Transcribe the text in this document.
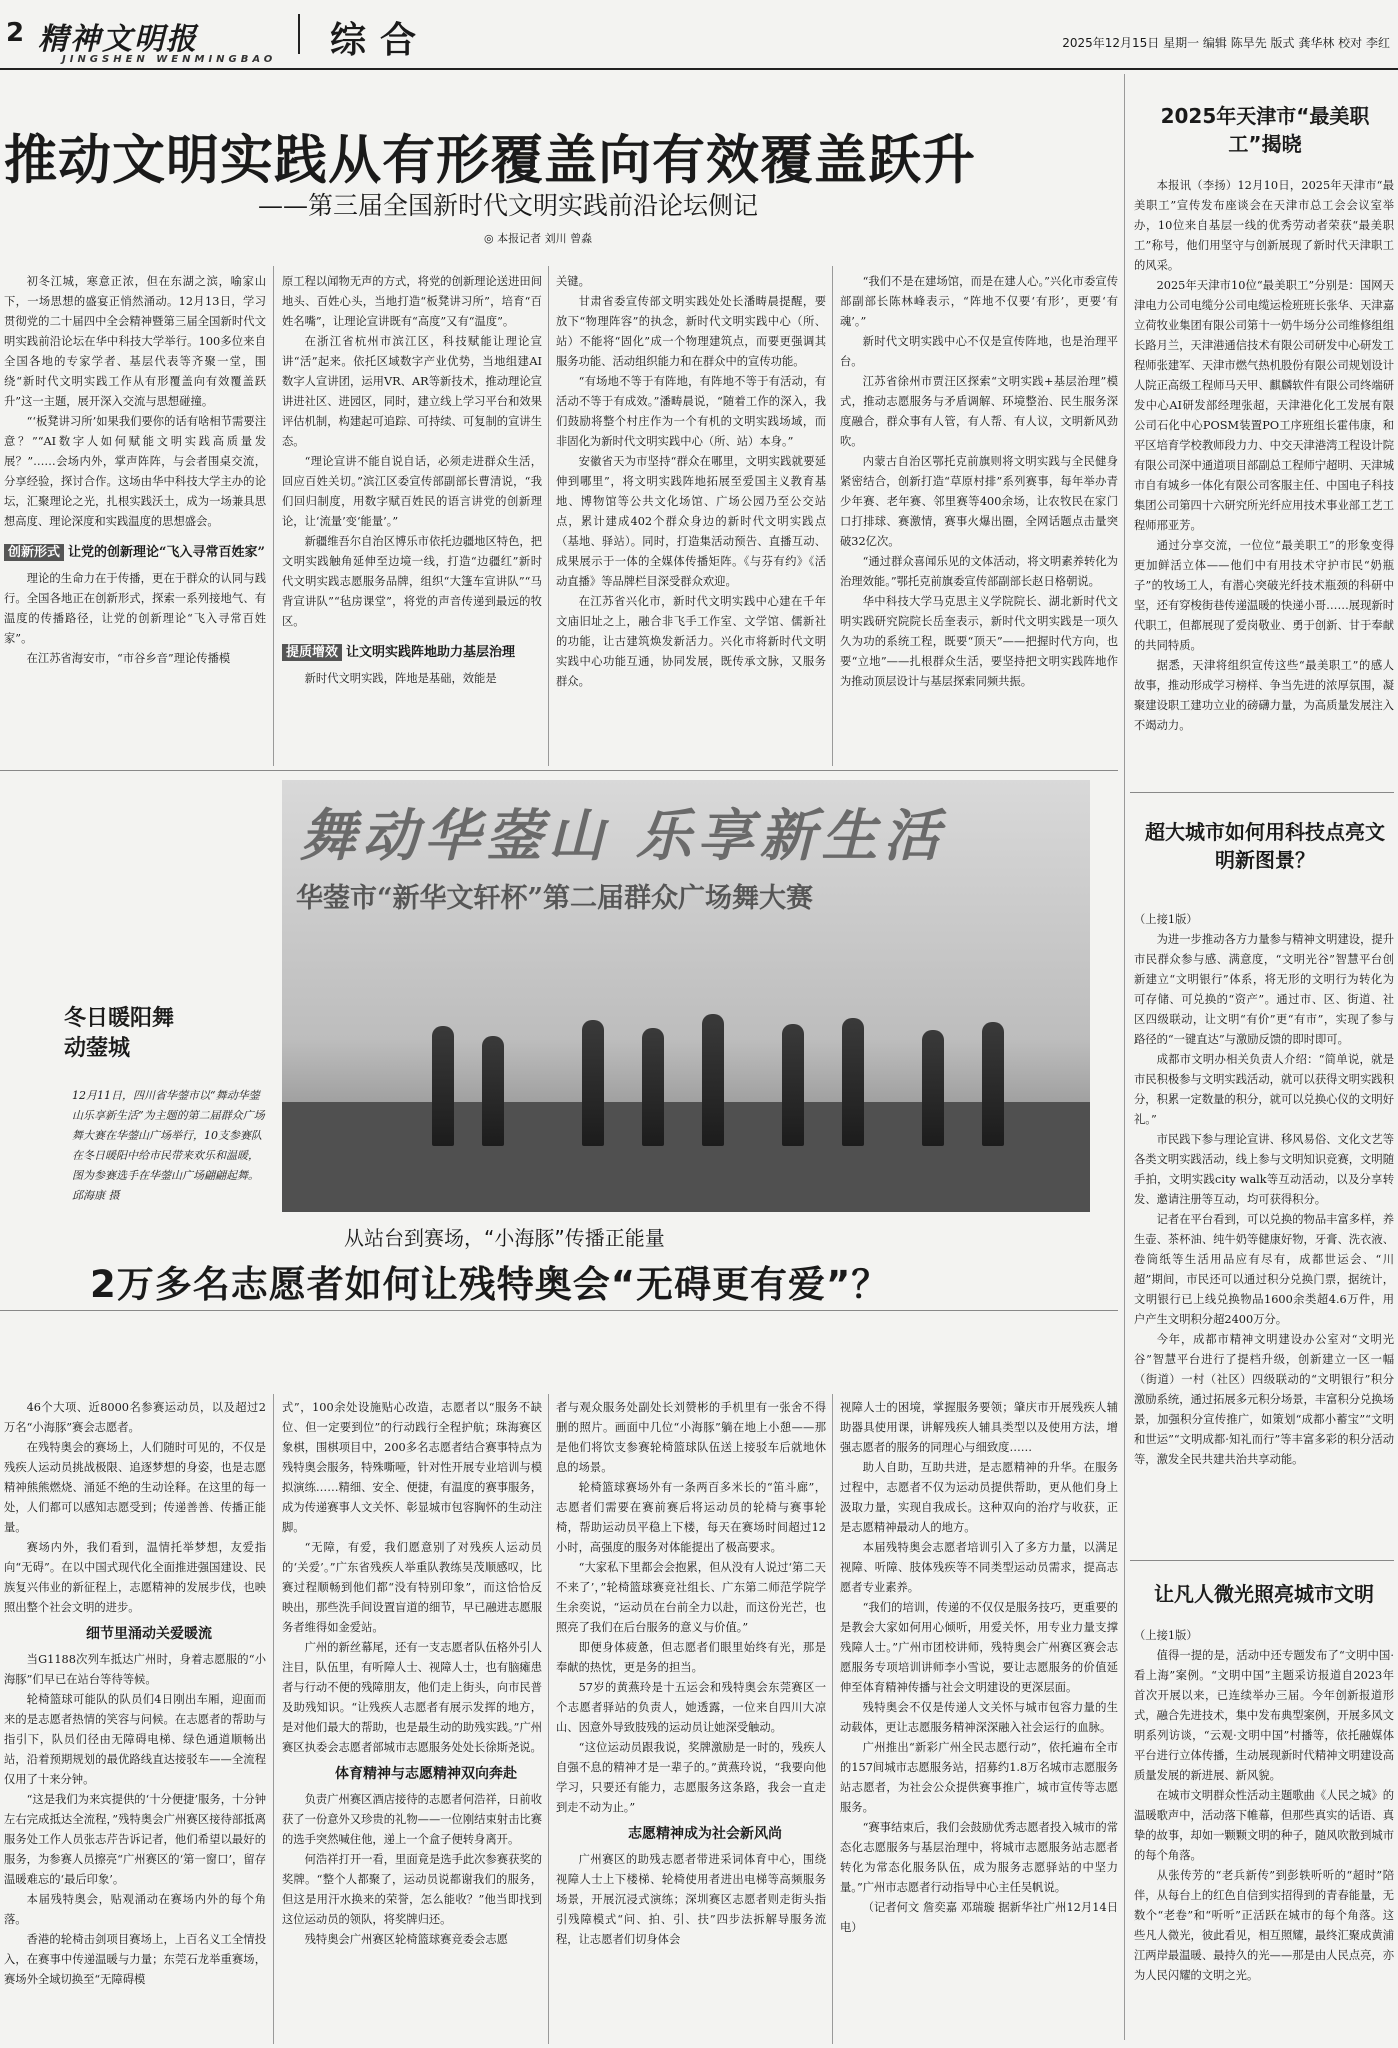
2 精神文明报
JINGSHEN WENMINGBAO 综合	2025年12月15日 星期一 编辑 陈旱先 版式 龚华林 校对 李红
推动文明实践从有形覆盖向有效覆盖跃升
——第三届全国新时代文明实践前沿论坛侧记
◎ 本报记者 刘川 曾淼

初冬江城，寒意正浓，但在东湖之滨，喻家山下，一场思想的盛宴正悄然涌动。12月13日，学习贯彻党的二十届四中全会精神暨第三届全国新时代文明实践前沿论坛在华中科技大学举行。100多位来自全国各地的专家学者、基层代表等齐聚一堂，围绕“新时代文明实践工作从有形覆盖向有效覆盖跃升”这一主题，展开深入交流与思想碰撞。

“‘板凳讲习所’如果我们要你的话有啥相节需要注意？”“AI数字人如何赋能文明实践高质量发展？”……会场内外，掌声阵阵，与会者围桌交流，分享经验，探讨合作。这场由华中科技大学主办的论坛，汇聚理论之光，扎根实践沃土，成为一场兼具思想高度、理论深度和实践温度的思想盛会。

创新形式 让党的创新理论“飞入寻常百姓家”

理论的生命力在于传播，更在于群众的认同与践行。全国各地正在创新形式，探索一系列接地气、有温度的传播路径，让党的创新理论“飞入寻常百姓家”。

在江苏省海安市，“市谷乡音”理论传播模

原工程以闻物无声的方式，将党的创新理论送进田间地头、百姓心头，当地打造“板凳讲习所”，培育“百姓名嘴”，让理论宣讲既有“高度”又有“温度”。

在浙江省杭州市滨江区，科技赋能让理论宣讲“活”起来。依托区域数字产业优势，当地组建AI数字人宣讲团，运用VR、AR等新技术，推动理论宣讲进社区、进园区，同时，建立线上学习平台和效果评估机制，构建起可追踪、可持续、可复制的宣讲生态。

“理论宣讲不能自说自话，必须走进群众生活，回应百姓关切。”滨江区委宣传部副部长曹清说，“我们回归制度，用数字赋百姓民的语言讲党的创新理论，让‘流量’变‘能量’。”

新疆维吾尔自治区博乐市依托边疆地区特色，把文明实践触角延伸至边境一线，打造“边疆红”新时代文明实践志愿服务品牌，组织“大篷车宣讲队”“马背宣讲队”“毡房课堂”，将党的声音传递到最远的牧区。

提质增效 让文明实践阵地助力基层治理

新时代文明实践，阵地是基础，效能是

关键。

甘肃省委宣传部文明实践处处长潘畴晨提醒，要放下“物理阵容”的执念，新时代文明实践中心（所、站）不能将“固化”成一个物理建筑点，而要更强调其服务功能、活动组织能力和在群众中的宣传功能。

“有场地不等于有阵地，有阵地不等于有活动，有活动不等于有成效。”潘畴晨说，“随着工作的深入，我们鼓励将整个村庄作为一个有机的文明实践场域，而非固化为新时代文明实践中心（所、站）本身。”

安徽省天为市坚持“群众在哪里，文明实践就要延伸到哪里”，将文明实践阵地拓展至爱国主义教育基地、博物馆等公共文化场馆、广场公园乃至公交站点，累计建成402个群众身边的新时代文明实践点（基地、驿站）。同时，打造集活动预告、直播互动、成果展示于一体的全媒体传播矩阵。《与芬有约》《活动直播》等品牌栏目深受群众欢迎。

在江苏省兴化市，新时代文明实践中心建在千年文庙旧址之上，融合非飞手工作室、文学馆、儒新社的功能，让古建筑焕发新活力。兴化市将新时代文明实践中心功能互通，协同发展，既传承文脉，又服务群众。

“我们不是在建场馆，而是在建人心。”兴化市委宣传部副部长陈林峰表示，“阵地不仅要‘有形’，更要‘有魂’。”

新时代文明实践中心不仅是宣传阵地，也是治理平台。

江苏省徐州市贾汪区探索“文明实践+基层治理”模式，推动志愿服务与矛盾调解、环境整治、民生服务深度融合，群众事有人管，有人帮、有人议，文明新风劲吹。

内蒙古自治区鄂托克前旗则将文明实践与全民健身紧密结合，创新打造“草原村排”系列赛事，每年举办青少年赛、老年赛、邻里赛等400余场，让农牧民在家门口打排球、赛激情，赛事火爆出圈，全网话题点击量突破32亿次。

“通过群众喜闻乐见的文体活动，将文明素养转化为治理效能。”鄂托克前旗委宣传部副部长赵日格朝说。

华中科技大学马克思主义学院院长、湖北新时代文明实践研究院院长岳奎表示，新时代文明实践是一项久久为功的系统工程，既要“顶天”——把握时代方向，也要“立地”——扎根群众生活，要坚持把文明实践阵地作为推动顶层设计与基层探索同频共振。

舞动华蓥山 乐享新生活
华蓥市“新华文轩杯”第二届群众广场舞大赛
冬日暖阳舞动蓥城
12月11日，四川省华蓥市以“舞动华蓥山乐享新生活”为主题的第二届群众广场舞大赛在华蓥山广场举行，10支参赛队在冬日暖阳中给市民带来欢乐和温暖，图为参赛选手在华蓥山广场翩翩起舞。 邱海康 摄
从站台到赛场，“小海豚”传播正能量
2万多名志愿者如何让残特奥会“无碍更有爱”？

46个大项、近8000名参赛运动员，以及超过2万名“小海豚”赛会志愿者。

在残特奥会的赛场上，人们随时可见的，不仅是残疾人运动员挑战极限、追逐梦想的身姿，也是志愿精神熊熊燃烧、涌延不绝的生动诠释。在这里的每一处，人们都可以感知志愿受到；传递善善、传播正能量。

赛场内外，我们看到，温情托举梦想，友爱指向“无碍”。在以中国式现代化全面推进强国建设、民族复兴伟业的新征程上，志愿精神的发展步伐，也映照出整个社会文明的进步。

细节里涌动关爱暖流

当G1188次列车抵达广州时，身着志愿服的“小海豚”们早已在站台等待等候。

轮椅篮球可能队的队员们4日刚出车厢，迎面而来的是志愿者热情的笑容与问候。在志愿者的帮助与指引下，队员们径由无障碍电梯、绿色通道顺畅出站，沿着预期规划的最优路线直达接驳车——全流程仅用了十来分钟。

“这是我们为来宾提供的‘十分便捷’服务，十分钟左右完成抵达全流程，”残特奥会广州赛区接待部抵离服务处工作人员张志芹告诉记者，他们希望以最好的服务，为参赛人员擦亮“广州赛区的‘第一窗口’，留存温暖难忘的‘最后印象’。

本届残特奥会，贴观涌动在赛场内外的每个角落。

香港的轮椅击剑项目赛场上，上百名义工全情投入，在赛事中传递温暖与力量；东莞石龙举重赛场，赛场外全域切换至“无障碍模

式”，100余处设施贴心改造，志愿者以“服务不缺位、但一定要到位”的行动践行全程护航；珠海赛区象棋，围棋项目中，200多名志愿者结合赛事特点为残特奥会服务，特殊嘶哑，针对性开展专业培训与模拟演练……精细、安全、便捷，有温度的赛事服务，成为传递赛事人文关怀、彰显城市包容胸怀的生动注脚。

“无障，有爱，我们愿意别了对残疾人运动员的‘关爱’。”广东省残疾人举重队教练吴茂顺感叹，比赛过程顺畅到他们都“没有特别印象”，而这恰恰反映出，那些洗手间设置盲道的细节，早已融进志愿服务者维得如金爱站。

广州的新丝幕尾，还有一支志愿者队伍格外引人注目，队伍里，有听障人士、视障人士，也有脑瘫患者与行动不便的残障朋友，他们走上街头，向市民普及助残知识。“让残疾人志愿者有展示发挥的地方，是对他们最大的帮助，也是最生动的助残实践。”广州赛区执委会志愿者部城市志愿服务处处长徐斯尧说。

体育精神与志愿精神双向奔赴

负责广州赛区酒店接待的志愿者何浩祥，日前收获了一份意外又珍贵的礼物——一位刚结束射击比赛的选手突然喊住他，递上一个盒子便转身离开。

何浩祥打开一看，里面竟是选手此次参赛获奖的奖牌。“整个人都聚了，运动员说都谢我们的服务，但这是用汗水换来的荣誉，怎么能收？”他当即找到这位运动员的领队，将奖牌归还。

残特奥会广州赛区轮椅篮球赛竞委会志愿

者与观众服务处副处长刘赞彬的手机里有一张舍不得删的照片。画面中几位“小海豚”躺在地上小憩——那是他们将饮支参赛轮椅篮球队伍送上接驳车后就地休息的场景。

轮椅篮球赛场外有一条两百多米长的“笛斗廊”，志愿者们需要在赛前赛后将运动员的轮椅与赛事轮椅，帮助运动员平稳上下楼，每天在赛场时间超过12小时，高强度的服务对体能提出了极高要求。

“大家私下里都会会抱累，但从没有人说过‘第二天不来了’，”轮椅篮球赛竞社组长、广东第二师范学院学生余奕说，“运动员在台前全力以赴，而这份光芒，也照亮了我们在后台服务的意义与价值。”

即便身体疲惫，但志愿者们眼里始终有光，那是奉献的热忱，更是务的担当。

57岁的黄燕玲是十五运会和残特奥会东莞赛区一个志愿者驿站的负责人，她透露，一位来自四川大凉山、因意外导致肢残的运动员让她深受触动。

“这位运动员跟我说，奖牌激励是一时的，残疾人自强不息的精神才是一辈子的。”黄燕玲说，“我要向他学习，只要还有能力，志愿服务这条路，我会一直走到走不动为止。”

志愿精神成为社会新风尚

广州赛区的助残志愿者带进采词体育中心，围绕视障人士上下楼梯、轮椅使用者进出电梯等高频服务场景，开展沉浸式演练；深圳赛区志愿者则走街头指引残障模式“问、拍、引、扶”四步法拆解导服务流程，让志愿者们切身体会

视障人士的困境，掌握服务要领；肇庆市开展残疾人辅助器具使用课，讲解残疾人辅具类型以及使用方法，增强志愿者的服务的同理心与细致度……

助人自助，互助共进，是志愿精神的升华。在服务过程中，志愿者不仅为运动员提供帮助，更从他们身上汲取力量，实现自我成长。这种双向的治疗与收获，正是志愿精神最动人的地方。

本届残特奥会志愿者培训引入了多方力量，以满足视障、听障、肢体残疾等不同类型运动员需求，提高志愿者专业素养。

“我们的培训，传递的不仅仅是服务技巧，更重要的是教会大家如何用心倾听，用爱关怀，用专业力量支撑残障人士。”广州市团校讲师，残特奥会广州赛区赛会志愿服务专项培训讲师李小雪说，要让志愿服务的价值延伸至体育精神传播与社会文明建设的更深层面。

残特奥会不仅是传递人文关怀与城市包容力量的生动载体，更让志愿服务精神深深融入社会运行的血脉。

广州推出“新彩广州全民志愿行动”，依托遍布全市的157间城市志愿服务站，招募约1.8万名城市志愿服务站志愿者，为社会公众提供赛事推广，城市宣传等志愿服务。

“赛事结束后，我们会鼓励优秀志愿者投入城市的常态化志愿服务与基层治理中，将城市志愿服务站志愿者转化为常态化服务队伍，成为服务志愿驿站的中坚力量。”广州市志愿者行动指导中心主任吴帆说。

（记者何文 詹奕嘉 邓瑞璇 据新华社广州12月14日电）

2025年天津市“最美职工”揭晓

本报讯（李扬）12月10日，2025年天津市“最美职工”宣传发布座谈会在天津市总工会会议室举办，10位来自基层一线的优秀劳动者荣获“最美职工”称号，他们用坚守与创新展现了新时代天津职工的风采。

2025年天津市10位“最美职工”分别是：国网天津电力公司电缆分公司电缆运检班班长张华、天津嘉立荷牧业集团有限公司第十一奶牛场分公司维修组组长路月兰，天津港通信技术有限公司研发中心研发工程师张建军、天津市燃气热机股份有限公司规划设计人院正高级工程师马天甲、麒麟软件有限公司终端研发中心AI研发部经理张超，天津港化化工发展有限公司石化中心POSM装置PO工序班组长霍伟康，和平区培育学校教师段力力、中交天津港湾工程设计院有限公司深中通道项目部副总工程师宁超明、天津城市自有城乡一体化有限公司客服主任、中国电子科技集团公司第四十六研究所光纤应用技术事业部工艺工程师邢亚芳。

通过分享交流，一位位“最美职工”的形象变得更加鲜活立体——他们中有用技术守护市民“奶瓶子”的牧场工人，有潜心突破光纤技术瓶颈的科研中坚，还有穿梭街巷传递温暖的快递小哥……展现新时代职工，但都展现了爱岗敬业、勇于创新、甘于奉献的共同特质。

据悉，天津将组织宣传这些“最美职工”的感人故事，推动形成学习榜样、争当先进的浓厚氛围，凝聚建设职工建功立业的磅礴力量，为高质量发展注入不竭动力。

超大城市如何用科技点亮文明新图景？

（上接1版）

为进一步推动各方力量参与精神文明建设，提升市民群众参与感、满意度，“文明光谷”智慧平台创新建立“文明银行”体系，将无形的文明行为转化为可存储、可兑换的“资产”。通过市、区、街道、社区四级联动，让文明“有价”更“有市”，实现了参与路径的“一键直达”与激励反馈的即时即可。

成都市文明办相关负责人介绍：“简单说，就是市民积极参与文明实践活动，就可以获得文明实践积分，积累一定数量的积分，就可以兑换心仪的文明好礼。”

市民践下参与理论宣讲、移风易俗、文化文艺等各类文明实践活动，线上参与文明知识竞赛，文明随手拍，文明实践city walk等互动活动，以及分享转发、邀请注册等互动，均可获得积分。

记者在平台看到，可以兑换的物品丰富多样，养生壶、茶杯油、纯牛奶等健康好物，牙膏、洗衣液、卷筒纸等生活用品应有尽有，成都世运会、“川超”期间，市民还可以通过积分兑换门票，据统计，文明银行已上线兑换物品1600余类超4.6万件，用户产生文明积分超2400万分。

今年，成都市精神文明建设办公室对“文明光谷”智慧平台进行了提档升级，创新建立一区一幅（街道）一村（社区）四级联动的“文明银行”积分激励系统，通过拓展多元积分场景，丰富积分兑换场景，加强积分宣传推广，如策划“成都小蓄宝”“文明和世运”“文明成都·知礼而行”等丰富多彩的积分活动等，激发全民共建共治共享动能。

让凡人微光照亮城市文明

（上接1版）

值得一提的是，活动中还专题发布了“文明中国·看上海”案例。“文明中国”主题采访报道自2023年首次开展以来，已连续举办三届。今年创新报道形式，融合先进技术，集中发布典型案例，开展多风文明系列访谈，“云观·文明中国”村播等，依托融媒体平台进行立体传播，生动展现新时代精神文明建设高质量发展的新进展、新风貌。

在城市文明群众性活动主题歌曲《人民之城》的温暖歌声中，活动落下帷幕，但那些真实的话语、真挚的故事，却如一颗颗文明的种子，随风吹散到城市的每个角落。

从张传芳的“老兵新传”到彭轶听听的“超时”陪伴，从每台上的红色自信到实招得到的青春能量，无数个“老卷”和“听听”正活跃在城市的每个角落。这些凡人微光，彼此看见，相互照耀，最终汇聚成黄浦江两岸最温暖、最持久的光——那是由人民点亮，亦为人民闪耀的文明之光。
